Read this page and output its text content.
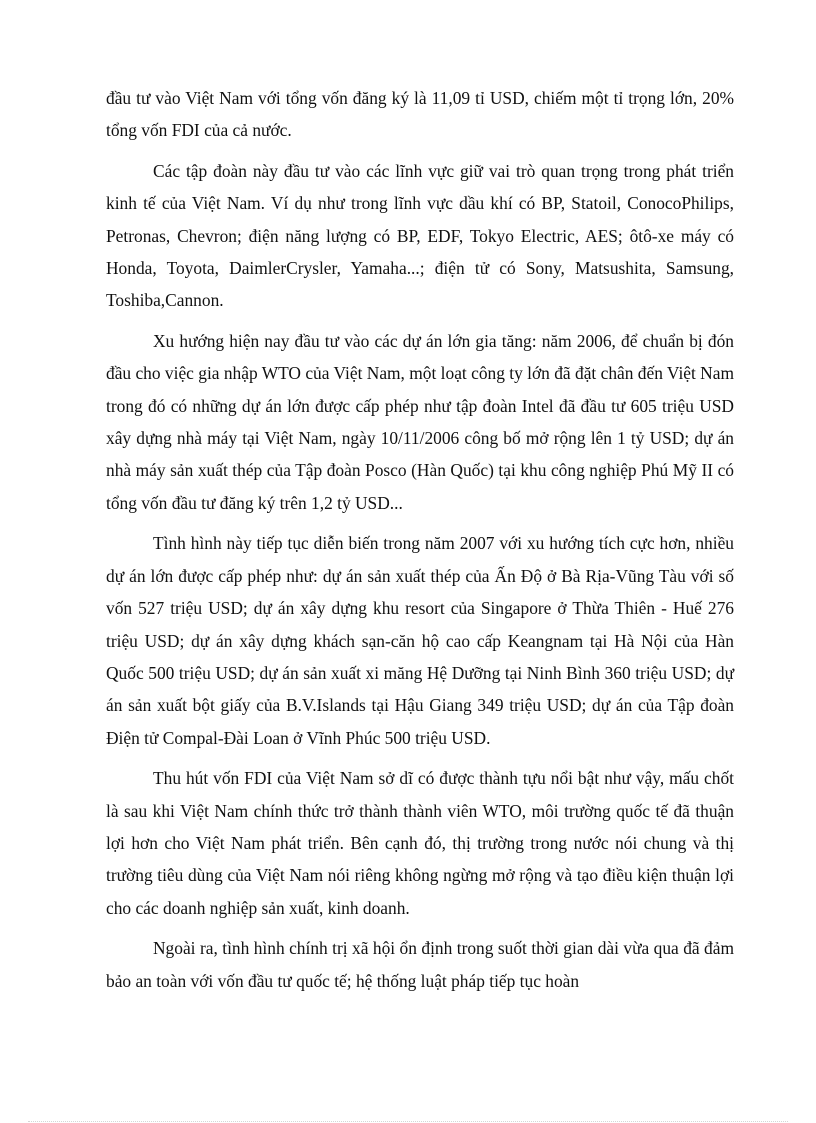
đầu tư vào Việt Nam với tổng vốn đăng ký là 11,09 tỉ USD, chiếm một tỉ trọng lớn, 20% tổng vốn FDI của cả nước.

Các tập đoàn này đầu tư vào các lĩnh vực giữ vai trò quan trọng trong phát triển kinh tế của Việt Nam. Ví dụ như trong lĩnh vực dầu khí có BP, Statoil, ConocoPhilips, Petronas, Chevron; điện năng lượng có BP, EDF, Tokyo Electric, AES; ôtô-xe máy có Honda, Toyota, DaimlerCrysler, Yamaha...; điện tử có Sony, Matsushita, Samsung, Toshiba,Cannon.

Xu hướng hiện nay đầu tư vào các dự án lớn gia tăng: năm 2006, để chuẩn bị đón đầu cho việc gia nhập WTO của Việt Nam, một loạt công ty lớn đã đặt chân đến Việt Nam trong đó có những dự án lớn được cấp phép như tập đoàn Intel đã đầu tư 605 triệu USD xây dựng nhà máy tại Việt Nam, ngày 10/11/2006 công bố mở rộng lên 1 tỷ USD; dự án nhà máy sản xuất thép của Tập đoàn Posco (Hàn Quốc) tại khu công nghiệp Phú Mỹ II có tổng vốn đầu tư đăng ký trên 1,2 tỷ USD...

Tình hình này tiếp tục diễn biến trong năm 2007 với xu hướng tích cực hơn, nhiều dự án lớn được cấp phép như: dự án sản xuất thép của Ấn Độ ở Bà Rịa-Vũng Tàu với số vốn 527 triệu USD; dự án xây dựng khu resort của Singapore ở Thừa Thiên - Huế 276 triệu USD; dự án xây dựng khách sạn-căn hộ cao cấp Keangnam tại Hà Nội của Hàn Quốc 500 triệu USD; dự án sản xuất xi măng Hệ Dưỡng tại Ninh Bình 360 triệu USD; dự án sản xuất bột giấy của B.V.Islands tại Hậu Giang 349 triệu USD; dự án của Tập đoàn Điện tử Compal-Đài Loan ở Vĩnh Phúc 500 triệu USD.

Thu hút vốn FDI của Việt Nam sở dĩ có được thành tựu nổi bật như vậy, mấu chốt là sau khi Việt Nam chính thức trở thành thành viên WTO, môi trường quốc tế đã thuận lợi hơn cho Việt Nam phát triển. Bên cạnh đó, thị trường trong nước nói chung và thị trường tiêu dùng của Việt Nam nói riêng không ngừng mở rộng và tạo điều kiện thuận lợi cho các doanh nghiệp sản xuất, kinh doanh.

Ngoài ra, tình hình chính trị xã hội ổn định trong suốt thời gian dài vừa qua đã đảm bảo an toàn với vốn đầu tư quốc tế; hệ thống luật pháp tiếp tục hoàn
